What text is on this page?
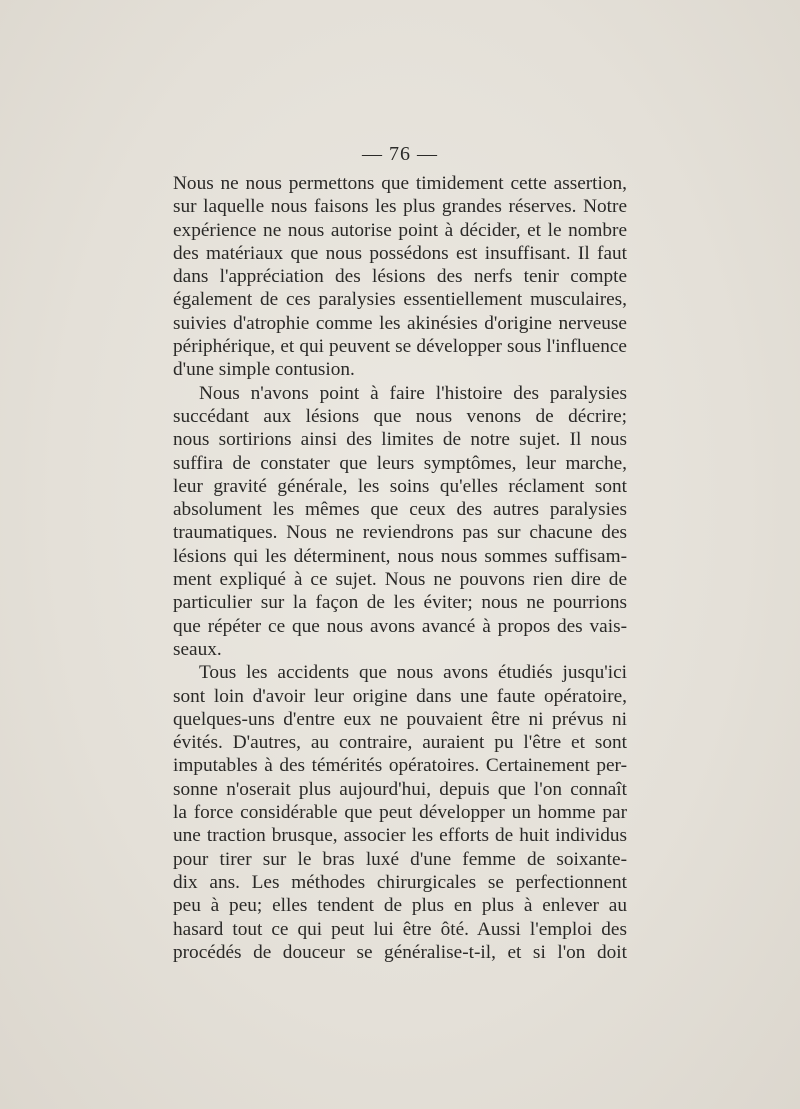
— 76 —
Nous ne nous permettons que timidement cette assertion,
sur laquelle nous faisons les plus grandes réserves. Notre
expérience ne nous autorise point à décider, et le nombre
des matériaux que nous possédons est insuffisant. Il faut
dans l'appréciation des lésions des nerfs tenir compte
également de ces paralysies essentiellement musculaires,
suivies d'atrophie comme les akinésies d'origine nerveuse
périphérique, et qui peuvent se développer sous l'influence
d'une simple contusion.
Nous n'avons point à faire l'histoire des paralysies
succédant aux lésions que nous venons de décrire;
nous sortirions ainsi des limites de notre sujet. Il nous
suffira de constater que leurs symptômes, leur marche,
leur gravité générale, les soins qu'elles réclament sont
absolument les mêmes que ceux des autres paralysies
traumatiques. Nous ne reviendrons pas sur chacune des
lésions qui les déterminent, nous nous sommes suffisam-
ment expliqué à ce sujet. Nous ne pouvons rien dire de
particulier sur la façon de les éviter; nous ne pourrions
que répéter ce que nous avons avancé à propos des vais-
seaux.
Tous les accidents que nous avons étudiés jusqu'ici
sont loin d'avoir leur origine dans une faute opératoire,
quelques-uns d'entre eux ne pouvaient être ni prévus ni
évités. D'autres, au contraire, auraient pu l'être et sont
imputables à des témérités opératoires. Certainement per-
sonne n'oserait plus aujourd'hui, depuis que l'on connaît
la force considérable que peut développer un homme par
une traction brusque, associer les efforts de huit individus
pour tirer sur le bras luxé d'une femme de soixante-
dix ans. Les méthodes chirurgicales se perfectionnent
peu à peu; elles tendent de plus en plus à enlever au
hasard tout ce qui peut lui être ôté. Aussi l'emploi des
procédés de douceur se généralise-t-il, et si l'on doit
